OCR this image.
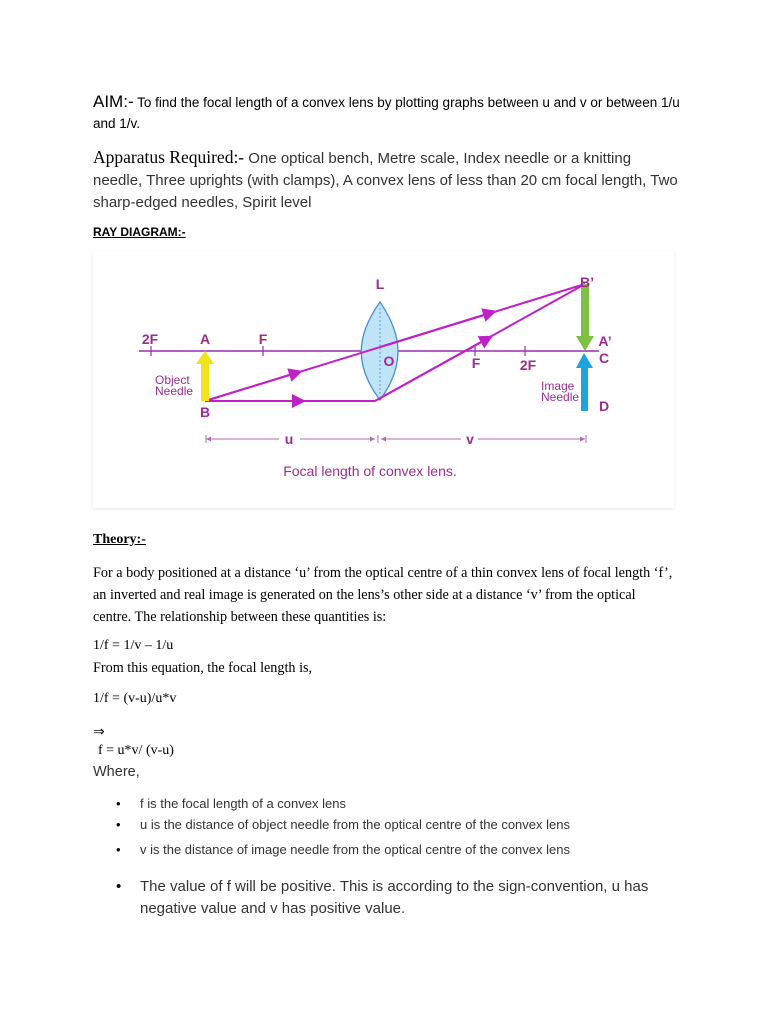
AIM:- To find the focal length of a convex lens by plotting graphs between u and v or between 1/u and 1/v.

Apparatus Required:- One optical bench, Metre scale, Index needle or a knitting needle, Three uprights (with clamps), A convex lens of less than 20 cm focal length, Two sharp-edged needles, Spirit level

RAY DIAGRAM:-

2F	A	F
L
O	F	2F
B’
A’
C
D
B
Object
Needle	Image
Needle
u	v
Focal length of convex lens.

Theory:-

For a body positioned at a distance ‘u’ from the optical centre of a thin convex lens of focal length ‘f’, an inverted and real image is generated on the lens’s other side at a distance ‘v’ from the optical centre. The relationship between these quantities is:

1/f = 1/v – 1/u

From this equation, the focal length is,

1/f = (v-u)/u*v

⇒

f = u*v/ (v-u)

Where,

• f is the focal length of a convex lens
• u is the distance of object needle from the optical centre of the convex lens
• v is the distance of image needle from the optical centre of the convex lens
• The value of f will be positive. This is according to the sign-convention, u has negative value and v has positive value.
